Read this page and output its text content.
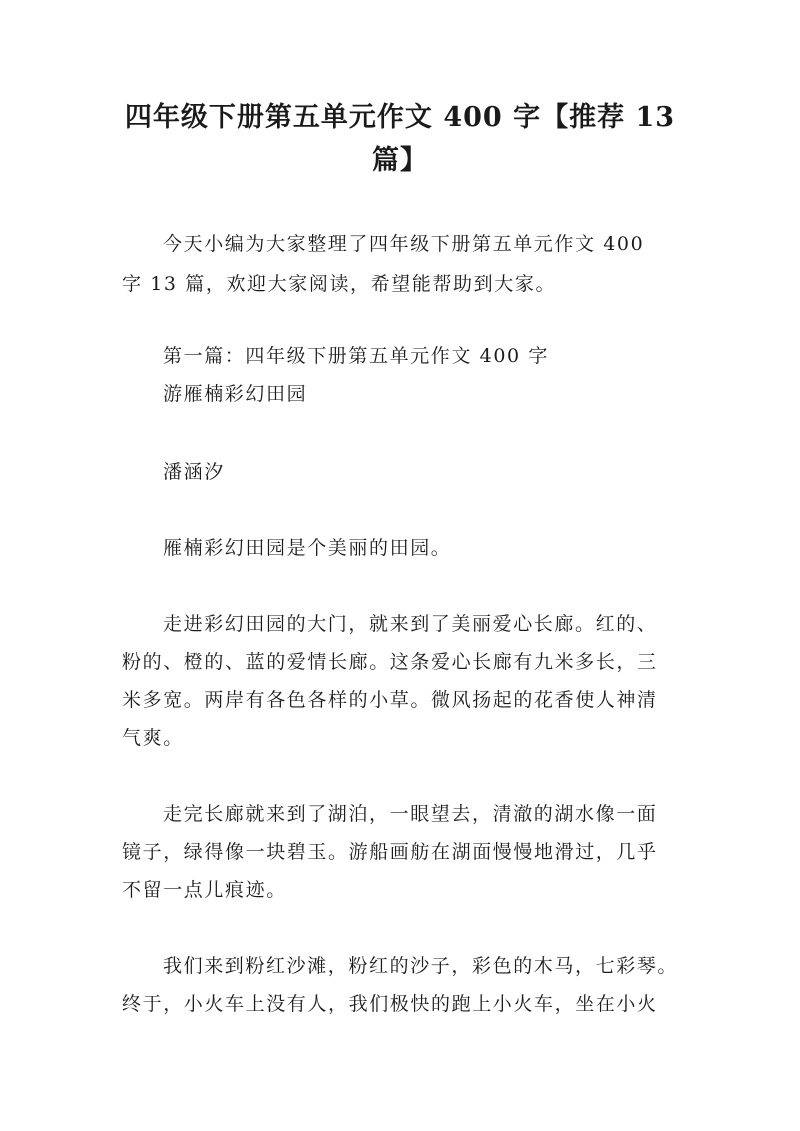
四年级下册第五单元作文 400 字【推荐 13
篇】

今天小编为大家整理了四年级下册第五单元作文 400

字 13 篇，欢迎大家阅读，希望能帮助到大家。

第一篇：四年级下册第五单元作文 400 字

游雁楠彩幻田园

潘涵汐

雁楠彩幻田园是个美丽的田园。

走进彩幻田园的大门，就来到了美丽爱心长廊。红的、

粉的、橙的、蓝的爱情长廊。这条爱心长廊有九米多长，三

米多宽。两岸有各色各样的小草。微风扬起的花香使人神清

气爽。

走完长廊就来到了湖泊，一眼望去，清澈的湖水像一面

镜子，绿得像一块碧玉。游船画舫在湖面慢慢地滑过，几乎

不留一点儿痕迹。

我们来到粉红沙滩，粉红的沙子，彩色的木马，七彩琴。

终于，小火车上没有人，我们极快的跑上小火车，坐在小火
